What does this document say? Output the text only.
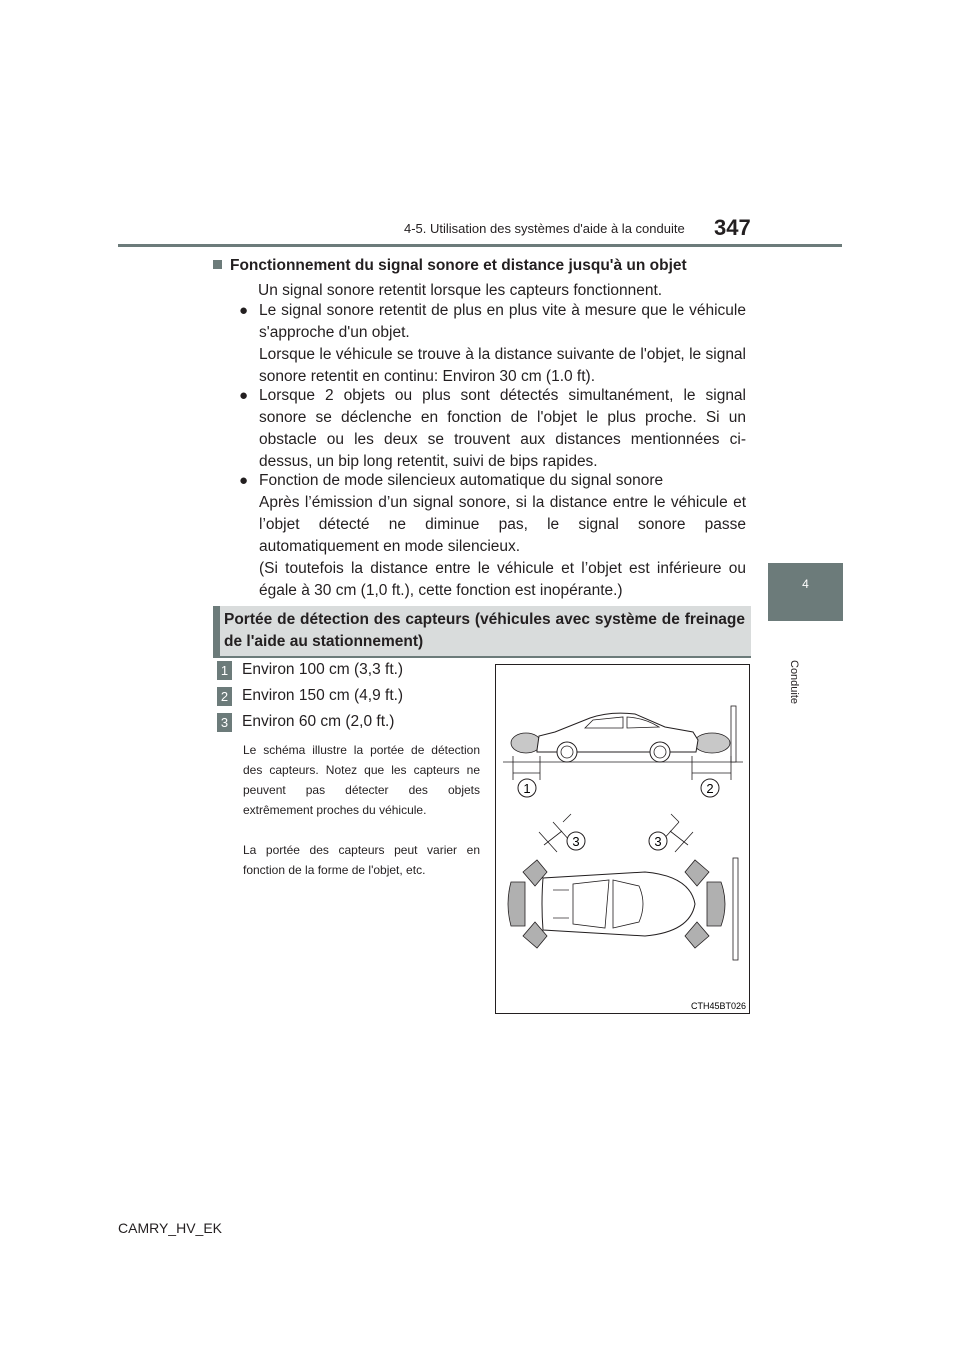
4-5. Utilisation des systèmes d'aide à la conduite 347
4
Conduite
Fonctionnement du signal sonore et distance jusqu'à un objet
Un signal sonore retentit lorsque les capteurs fonctionnent.
● Le signal sonore retentit de plus en plus vite à mesure que le véhicule s'approche d'un objet.

Lorsque le véhicule se trouve à la distance suivante de l'objet, le signal sonore retentit en continu: Environ 30 cm (1.0 ft).

● Lorsque 2 objets ou plus sont détectés simultanément, le signal sonore se déclenche en fonction de l'objet le plus proche. Si un obstacle ou les deux se trouvent aux distances mentionnées ci-dessus, un bip long retentit, suivi de bips rapides.

● Fonction de mode silencieux automatique du signal sonore

Après l’émission d’un signal sonore, si la distance entre le véhicule et l’objet détecté ne diminue pas, le signal sonore passe automatiquement en mode silencieux.

(Si toutefois la distance entre le véhicule et l’objet est inférieure ou égale à 30 cm (1,0 ft.), cette fonction est inopérante.)

Portée de détection des capteurs (véhicules avec système de freinage de l'aide au stationnement)
1 Environ 100 cm (3,3 ft.)
2 Environ 150 cm (4,9 ft.)
3 Environ 60 cm (2,0 ft.)
Le schéma illustre la portée de détection des capteurs. Notez que les capteurs ne peuvent pas détecter des objets extrêmement proches du véhicule.
La portée des capteurs peut varier en fonction de la forme de l'objet, etc.
1	2
3	3
CTH45BT026
CAMRY_HV_EK
